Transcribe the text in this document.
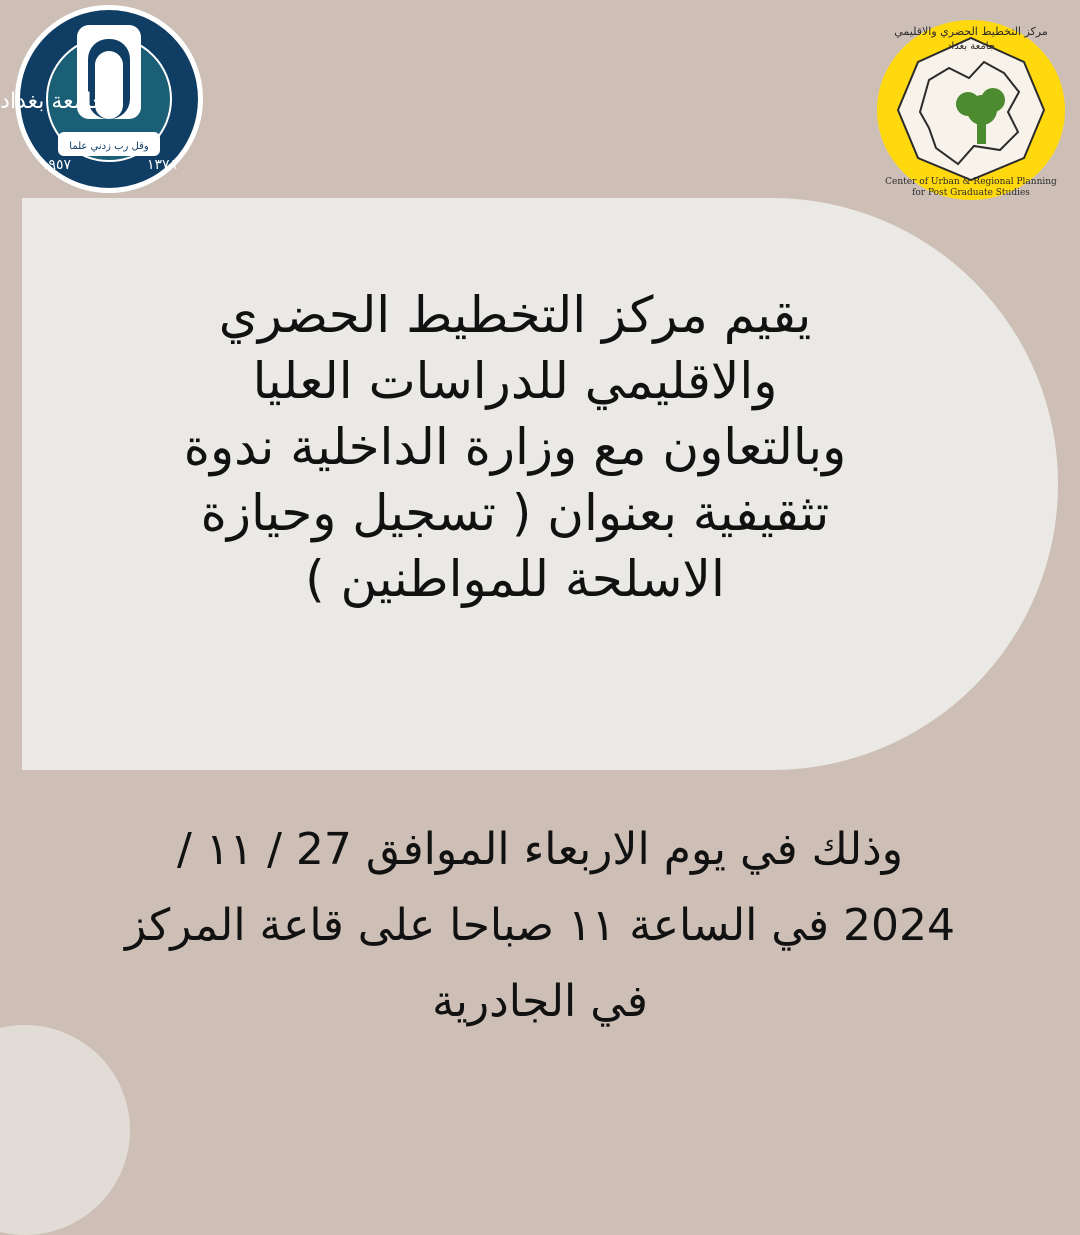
وقل رب زدني علما
١٩٥٧	١٣٧٨
جامعة بغداد
مركز التخطيط الحضري والاقليمي
جامعة بغداد
Center of Urban & Regional Planning
for Post Graduate Studies

يقيم مركز التخطيط الحضري
والاقليمي للدراسات العليا
وبالتعاون مع وزارة الداخلية ندوة
تثقيفية بعنوان ( تسجيل وحيازة
الاسلحة للمواطنين )

وذلك في يوم الاربعاء الموافق 27 / ١١ /
2024 في الساعة ١١ صباحا على قاعة المركز
في الجادرية
